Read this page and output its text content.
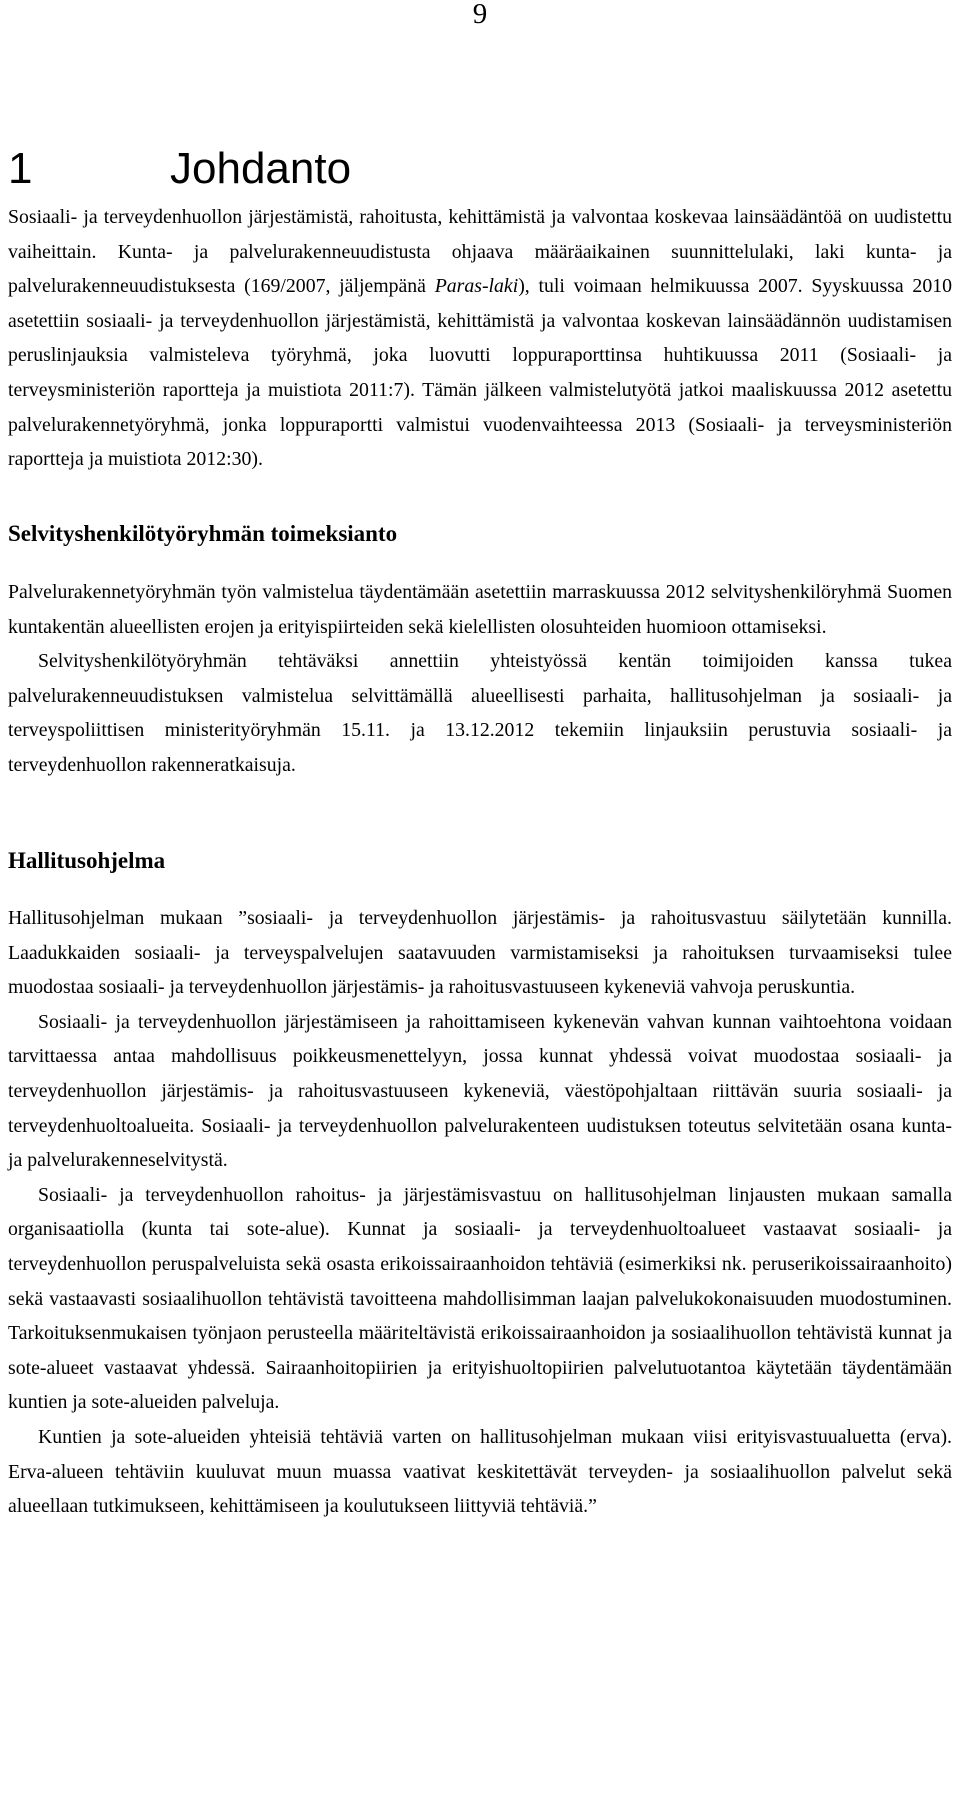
9
1	Johdanto

Sosiaali- ja terveydenhuollon järjestämistä, rahoitusta, kehittämistä ja valvontaa koskevaa lainsäädäntöä on uudistettu vaiheittain. Kunta- ja palvelurakenneuudistusta ohjaava määräaikainen suunnittelulaki, laki kunta- ja palvelurakenneuudistuksesta (169/2007, jäljempänä Paras-laki), tuli voimaan helmikuussa 2007. Syyskuussa 2010 asetettiin sosiaali- ja terveydenhuollon järjestämistä, kehittämistä ja valvontaa koskevan lainsäädännön uudistamisen peruslinjauksia valmisteleva työryhmä, joka luovutti loppuraporttinsa huhtikuussa 2011 (Sosiaali- ja terveysministeriön raportteja ja muistiota 2011:7). Tämän jälkeen valmistelutyötä jatkoi maaliskuussa 2012 asetettu palvelurakennetyöryhmä, jonka loppuraportti valmistui vuodenvaihteessa 2013 (Sosiaali- ja terveysministeriön raportteja ja muistiota 2012:30).

Selvityshenkilötyöryhmän toimeksianto

Palvelurakennetyöryhmän työn valmistelua täydentämään asetettiin marraskuussa 2012 selvityshenkilöryhmä Suomen kuntakentän alueellisten erojen ja erityispiirteiden sekä kielellisten olosuhteiden huomioon ottamiseksi.

Selvityshenkilötyöryhmän tehtäväksi annettiin yhteistyössä kentän toimijoiden kanssa tukea palvelurakenneuudistuksen valmistelua selvittämällä alueellisesti parhaita, hallitusohjelman ja sosiaali- ja terveyspoliittisen ministerityöryhmän 15.11. ja 13.12.2012 tekemiin linjauksiin perustuvia sosiaali- ja terveydenhuollon rakenneratkaisuja.

Hallitusohjelma

Hallitusohjelman mukaan ”sosiaali- ja terveydenhuollon järjestämis- ja rahoitusvastuu säilytetään kunnilla. Laadukkaiden sosiaali- ja terveyspalvelujen saatavuuden varmistamiseksi ja rahoituksen turvaamiseksi tulee muodostaa sosiaali- ja terveydenhuollon järjestämis- ja rahoitusvastuuseen kykeneviä vahvoja peruskuntia.

Sosiaali- ja terveydenhuollon järjestämiseen ja rahoittamiseen kykenevän vahvan kunnan vaihtoehtona voidaan tarvittaessa antaa mahdollisuus poikkeusmenettelyyn, jossa kunnat yhdessä voivat muodostaa sosiaali- ja terveydenhuollon järjestämis- ja rahoitusvastuuseen kykeneviä, väestöpohjaltaan riittävän suuria sosiaali- ja terveydenhuoltoalueita. Sosiaali- ja terveydenhuollon palvelurakenteen uudistuksen toteutus selvitetään osana kunta- ja palvelurakenneselvitystä.

Sosiaali- ja terveydenhuollon rahoitus- ja järjestämisvastuu on hallitusohjelman linjausten mukaan samalla organisaatiolla (kunta tai sote-alue). Kunnat ja sosiaali- ja terveydenhuoltoalueet vastaavat sosiaali- ja terveydenhuollon peruspalveluista sekä osasta erikoissairaanhoidon tehtäviä (esimerkiksi nk. peruserikoissairaanhoito) sekä vastaavasti sosiaalihuollon tehtävistä tavoitteena mahdollisimman laajan palvelukokonaisuuden muodostuminen. Tarkoituksenmukaisen työnjaon perusteella määriteltävistä erikoissairaanhoidon ja sosiaalihuollon tehtävistä kunnat ja sote-alueet vastaavat yhdessä. Sairaanhoitopiirien ja erityishuoltopiirien palvelutuotantoa käytetään täydentämään kuntien ja sote-alueiden palveluja.

Kuntien ja sote-alueiden yhteisiä tehtäviä varten on hallitusohjelman mukaan viisi erityisvastuualuetta (erva). Erva-alueen tehtäviin kuuluvat muun muassa vaativat keskitettävät terveyden- ja sosiaalihuollon palvelut sekä alueellaan tutkimukseen, kehittämiseen ja koulutukseen liittyviä tehtäviä.”
